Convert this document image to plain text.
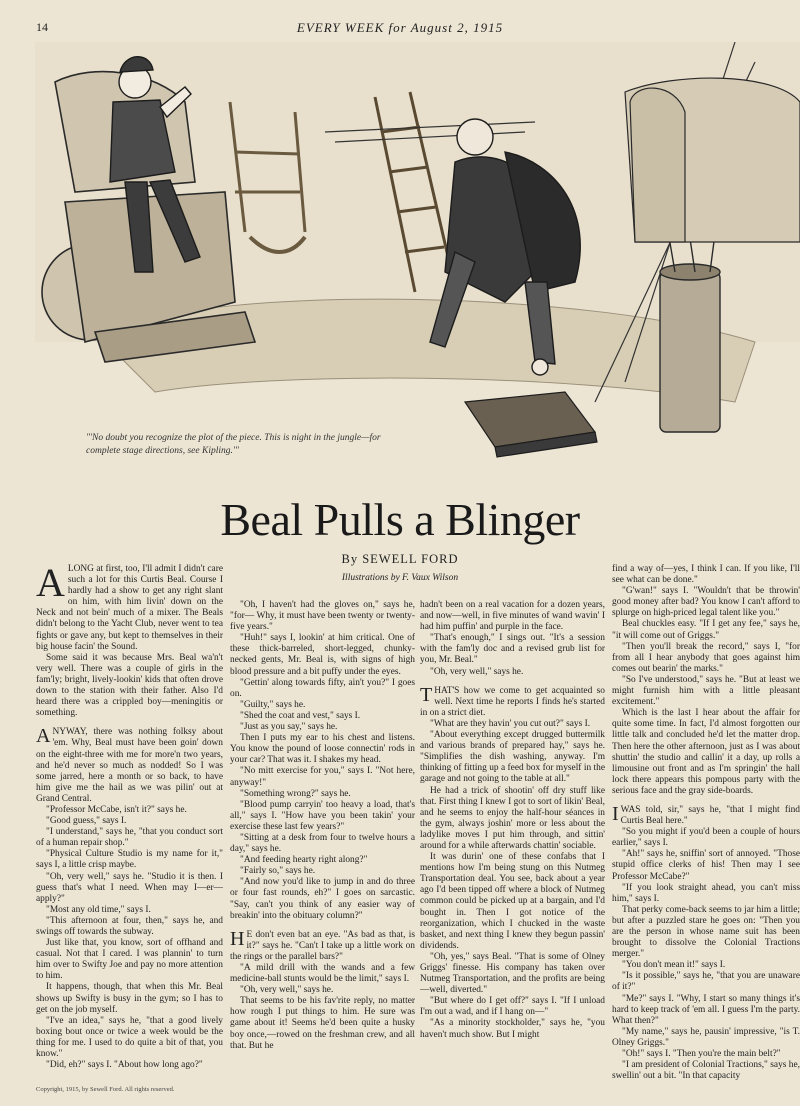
14	EVERY WEEK for August 2, 1915
"'No doubt you recognize the plot of the piece. This is night in the jungle—for complete stage directions, see Kipling.'"
Beal Pulls a Blinger
By SEWELL FORD
Illustrations by F. Vaux Wilson

ALONG at first, too, I'll admit I didn't care such a lot for this Curtis Beal. Course I hardly had a show to get any right slant on him, with him livin' down on the Neck and not bein' much of a mixer. The Beals didn't belong to the Yacht Club, never went to tea fights or gave any, but kept to themselves in their big house facin' the Sound.

Some said it was because Mrs. Beal wa'n't very well. There was a couple of girls in the fam'ly; bright, lively-lookin' kids that often drove down to the station with their father. Also I'd heard there was a crippled boy—meningitis or something.

ANYWAY, there was nothing folksy about 'em. Why, Beal must have been goin' down on the eight-three with me for more'n two years, and he'd never so much as nodded! So I was some jarred, here a month or so back, to have him give me the hail as we was pilin' out at Grand Central.

"Professor McCabe, isn't it?" says he.

"Good guess," says I.

"I understand," says he, "that you conduct sort of a human repair shop."

"Physical Culture Studio is my name for it," says I, a little crisp maybe.

"Oh, very well," says he. "Studio it is then. I guess that's what I need. When may I—er—apply?"

"Most any old time," says I.

"This afternoon at four, then," says he, and swings off towards the subway.

Just like that, you know, sort of offhand and casual. Not that I cared. I was plannin' to turn him over to Swifty Joe and pay no more attention to him.

It happens, though, that when this Mr. Beal shows up Swifty is busy in the gym; so I has to get on the job myself.

"I've an idea," says he, "that a good lively boxing bout once or twice a week would be the thing for me. I used to do quite a bit of that, you know."

"Did, eh?" says I. "About how long ago?"

"Oh, I haven't had the gloves on," says he, "for— Why, it must have been twenty or twenty-five years."

"Huh!" says I, lookin' at him critical. One of these thick-barreled, short-legged, chunky-necked gents, Mr. Beal is, with signs of high blood pressure and a bit puffy under the eyes.

"Gettin' along towards fifty, ain't you?" I goes on.

"Guilty," says he.

"Shed the coat and vest," says I.

"Just as you say," says he.

Then I puts my ear to his chest and listens. You know the pound of loose connectin' rods in your car? That was it. I shakes my head.

"No mitt exercise for you," says I. "Not here, anyway!"

"Something wrong?" says he.

"Blood pump carryin' too heavy a load, that's all," says I. "How have you been takin' your exercise these last few years?"

"Sitting at a desk from four to twelve hours a day," says he.

"And feeding hearty right along?"

"Fairly so," says he.

"And now you'd like to jump in and do three or four fast rounds, eh?" I goes on sarcastic. "Say, can't you think of any easier way of breakin' into the obituary column?"

H E don't even bat an eye. "As bad as that, is it?" says he. "Can't I take up a little work on the rings or the parallel bars?"

"A mild drill with the wands and a few medicine-ball stunts would be the limit," says I.

"Oh, very well," says he.

That seems to be his fav'rite reply, no matter how rough I put things to him. He sure was game about it! Seems he'd been quite a husky boy once,—rowed on the freshman crew, and all that. But he

hadn't been on a real vacation for a dozen years, and now—well, in five minutes of wand wavin' I had him puffin' and purple in the face.

"That's enough," I sings out. "It's a session with the fam'ly doc and a revised grub list for you, Mr. Beal."

"Oh, very well," says he.

THAT'S how we come to get acquainted so well. Next time he reports I finds he's started in on a strict diet.

"What are they havin' you cut out?" says I.

"About everything except drugged buttermilk and various brands of prepared hay," says he. "Simplifies the dish washing, anyway. I'm thinking of fitting up a feed box for myself in the garage and not going to the table at all."

He had a trick of shootin' off dry stuff like that. First thing I knew I got to sort of likin' Beal, and he seems to enjoy the half-hour séances in the gym, always joshin' more or less about the ladylike moves I put him through, and sittin' around for a while afterwards chattin' sociable.

It was durin' one of these confabs that I mentions how I'm being stung on this Nutmeg Transportation deal. You see, back about a year ago I'd been tipped off where a block of Nutmeg common could be picked up at a bargain, and I'd bought in. Then I got notice of the reorganization, which I chucked in the waste basket, and next thing I knew they begun passin' dividends.

"Oh, yes," says Beal. "That is some of Olney Griggs' finesse. His company has taken over Nutmeg Transportation, and the profits are being—well, diverted."

"But where do I get off?" says I. "If I unload I'm out a wad, and if I hang on—"

"As a minority stockholder," says he, "you haven't much show. But I might

find a way of—yes, I think I can. If you like, I'll see what can be done."

"G'wan!" says I. "Wouldn't that be throwin' good money after bad? You know I can't afford to splurge on high-priced legal talent like you."

Beal chuckles easy. "If I get any fee," says he, "it will come out of Griggs."

"Then you'll break the record," says I, "for from all I hear anybody that goes against him comes out bearin' the marks."

"So I've understood," says he. "But at least we might furnish him with a little pleasant excitement."

Which is the last I hear about the affair for quite some time. In fact, I'd almost forgotten our little talk and concluded he'd let the matter drop. Then here the other afternoon, just as I was about shuttin' the studio and callin' it a day, up rolls a limousine out front and as I'm springin' the hall lock there appears this pompous party with the serious face and the gray side-boards.

IWAS told, sir," says he, "that I might find Curtis Beal here."

"So you might if you'd been a couple of hours earlier," says I.

"Ah!" says he, sniffin' sort of annoyed. "Those stupid office clerks of his! Then may I see Professor McCabe?"

"If you look straight ahead, you can't miss him," says I.

That perky come-back seems to jar him a little; but after a puzzled stare he goes on: "Then you are the person in whose name suit has been brought to dissolve the Colonial Tractions merger."

"You don't mean it!" says I.

"Is it possible," says he, "that you are unaware of it?"

"Me?" says I. "Why, I start so many things it's hard to keep track of 'em all. I guess I'm the party. What then?"

"My name," says he, pausin' impressive, "is T. Olney Griggs."

"Oh!" says I. "Then you're the main belt?"

"I am president of Colonial Tractions," says he, swellin' out a bit. "In that capacity

Copyright, 1915, by Sewell Ford. All rights reserved.
